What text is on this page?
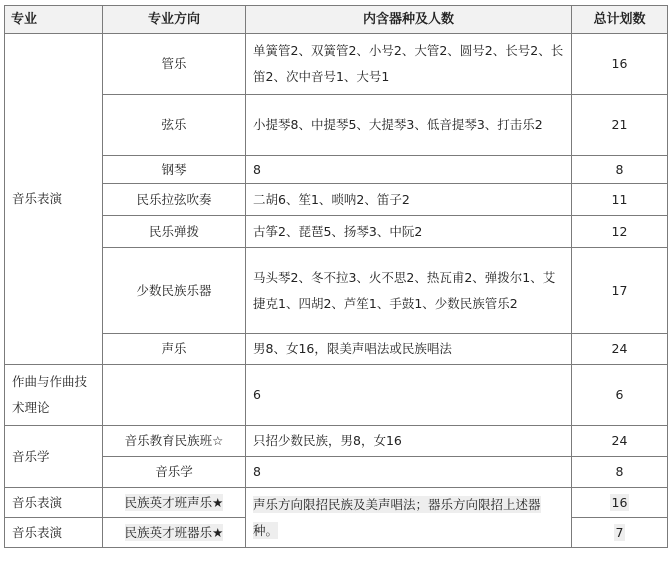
专业	专业方向	内含器种及人数	总计划数
音乐表演	管乐	单簧管2、双簧管2、小号2、大管2、圆号2、长号2、长笛2、次中音号1、大号1	16
	弦乐	小提琴8、中提琴5、大提琴3、低音提琴3、打击乐2	21
	钢琴	8	8
	民乐拉弦吹奏	二胡6、笙1、唢呐2、笛子2	11
	民乐弹拨	古筝2、琵琶5、扬琴3、中阮2	12
	少数民族乐器	马头琴2、冬不拉3、火不思2、热瓦甫2、弹拨尔1、艾捷克1、四胡2、芦笙1、手鼓1、少数民族管乐2	17
	声乐	男8、女16，限美声唱法或民族唱法	24
作曲与作曲技术理论		6	6
音乐学	音乐教育民族班☆	只招少数民族，男8，女16	24
	音乐学	8	8
音乐表演	民族英才班声乐★	声乐方向限招民族及美声唱法；器乐方向限招上述器种。	16
音乐表演	民族英才班器乐★		7
